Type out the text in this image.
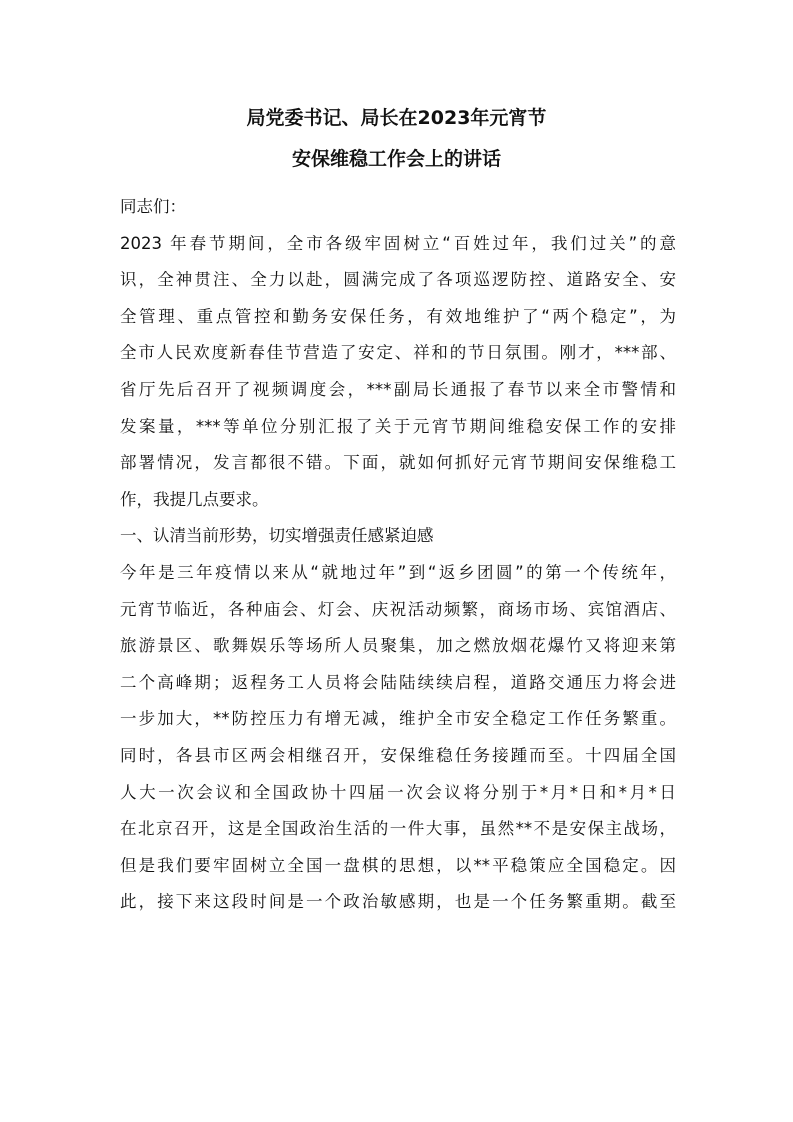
局党委书记、局长在2023年元宵节
安保维稳工作会上的讲话
同志们：
2023 年春节期间，全市各级牢固树立“百姓过年，我们过关”的意
识，全神贯注、全力以赴，圆满完成了各项巡逻防控、道路安全、安
全管理、重点管控和勤务安保任务，有效地维护了“两个稳定”，为
全市人民欢度新春佳节营造了安定、祥和的节日氛围。刚才，***部、
省厅先后召开了视频调度会，***副局长通报了春节以来全市警情和
发案量，***等单位分别汇报了关于元宵节期间维稳安保工作的安排
部署情况，发言都很不错。下面，就如何抓好元宵节期间安保维稳工
作，我提几点要求。
一、认清当前形势，切实增强责任感紧迫感
今年是三年疫情以来从“就地过年”到“返乡团圆”的第一个传统年，
元宵节临近，各种庙会、灯会、庆祝活动频繁，商场市场、宾馆酒店、
旅游景区、歌舞娱乐等场所人员聚集，加之燃放烟花爆竹又将迎来第
二个高峰期；返程务工人员将会陆陆续续启程，道路交通压力将会进
一步加大，**防控压力有增无减，维护全市安全稳定工作任务繁重。
同时，各县市区两会相继召开，安保维稳任务接踵而至。十四届全国
人大一次会议和全国政协十四届一次会议将分别于*月*日和*月*日
在北京召开，这是全国政治生活的一件大事，虽然**不是安保主战场，
但是我们要牢固树立全国一盘棋的思想，以**平稳策应全国稳定。因
此，接下来这段时间是一个政治敏感期，也是一个任务繁重期。截至
